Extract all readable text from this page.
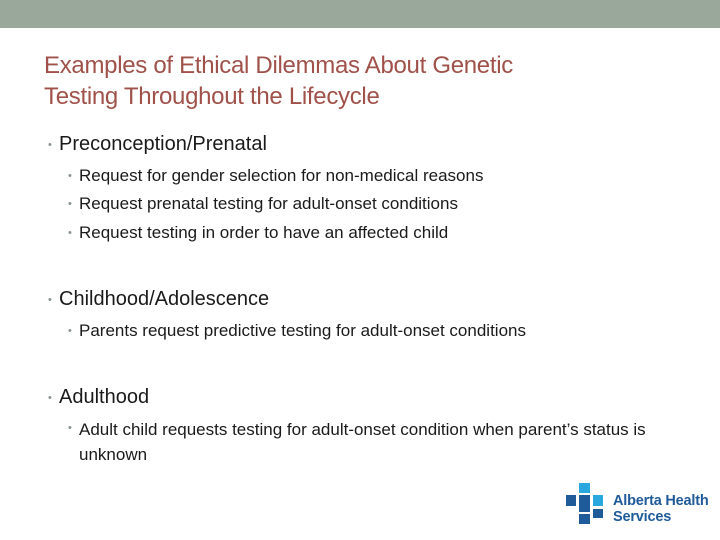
Examples of Ethical Dilemmas About Genetic
Testing Throughout the Lifecycle
• Preconception/Prenatal
• Request for gender selection for non-medical reasons
• Request prenatal testing for adult-onset conditions
• Request testing in order to have an affected child
• Childhood/Adolescence
• Parents request predictive testing for adult-onset conditions
• Adulthood
• Adult child requests testing for adult-onset condition when parent’s status is unknown
Alberta Health
Services
